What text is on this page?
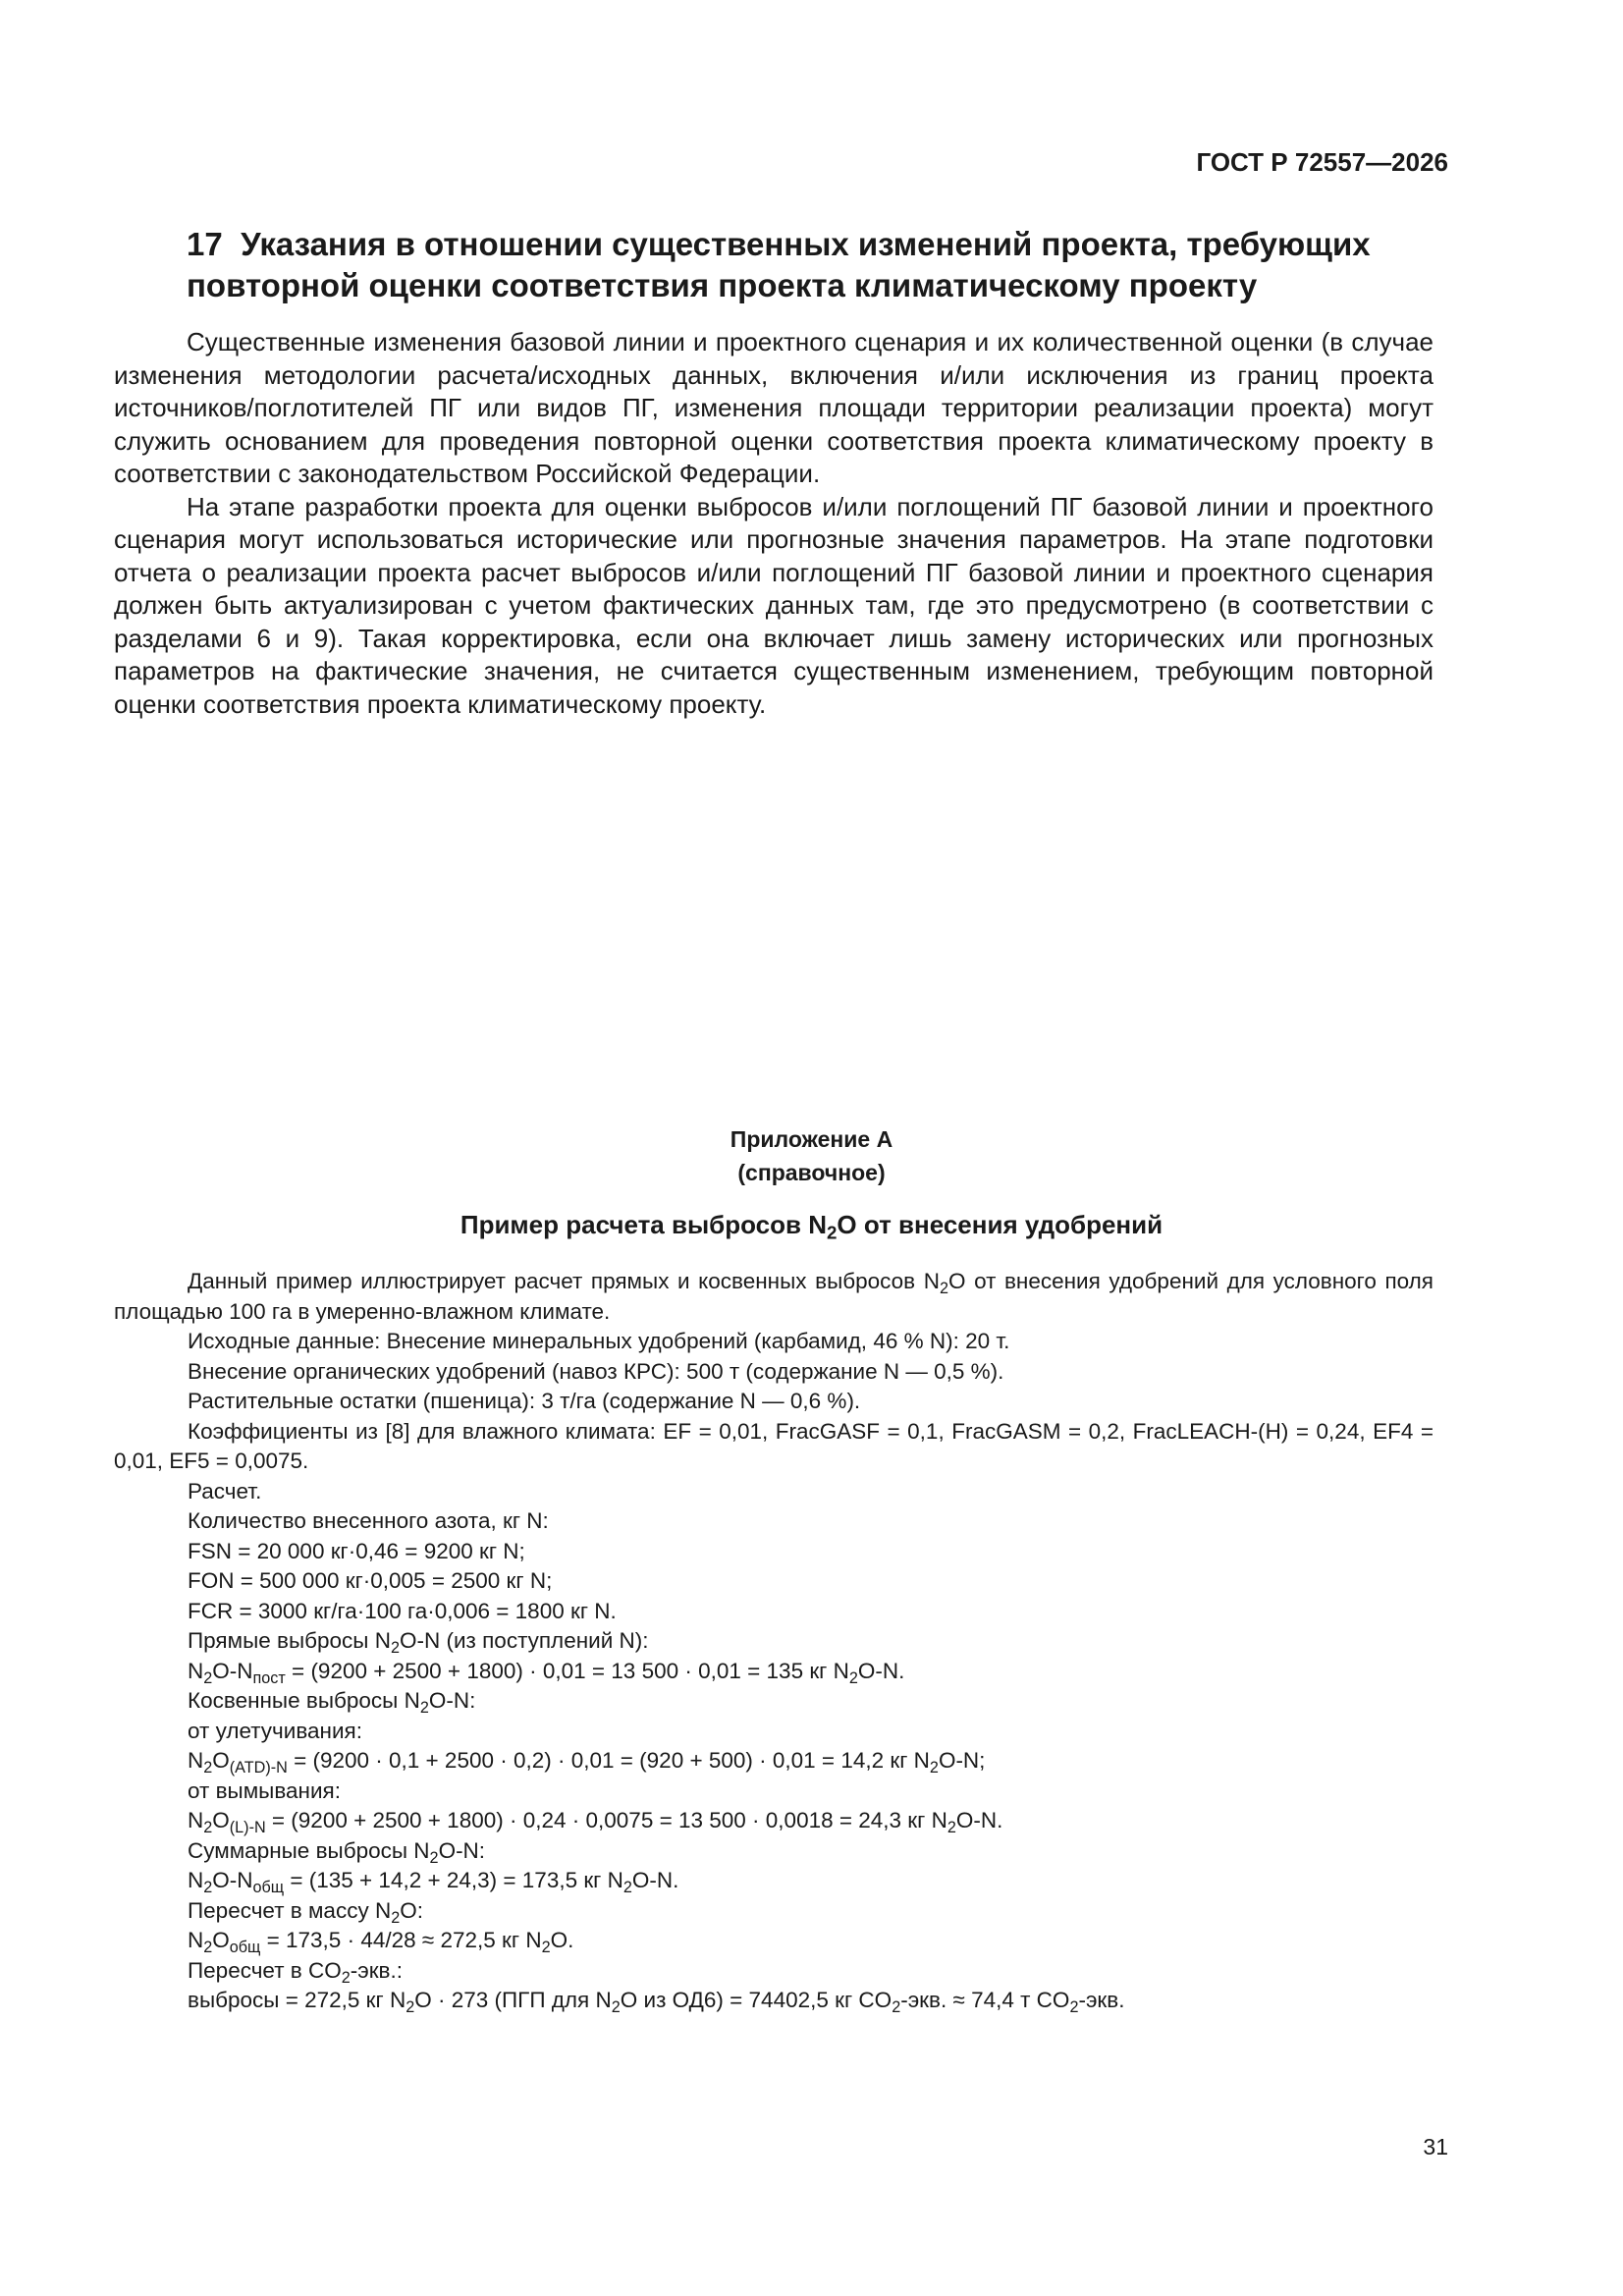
ГОСТ Р 72557—2026
17 Указания в отношении существенных изменений проекта, требующих повторной оценки соответствия проекта климатическому проекту

Существенные изменения базовой линии и проектного сценария и их количественной оценки (в случае изменения методологии расчета/исходных данных, включения и/или исключения из границ проекта источников/поглотителей ПГ или видов ПГ, изменения площади территории реализации проекта) могут служить основанием для проведения повторной оценки соответствия проекта климатическому проекту в соответствии с законодательством Российской Федерации.

На этапе разработки проекта для оценки выбросов и/или поглощений ПГ базовой линии и проектного сценария могут использоваться исторические или прогнозные значения параметров. На этапе подготовки отчета о реализации проекта расчет выбросов и/или поглощений ПГ базовой линии и проектного сценария должен быть актуализирован с учетом фактических данных там, где это предусмотрено (в соответствии с разделами 6 и 9). Такая корректировка, если она включает лишь замену исторических или прогнозных параметров на фактические значения, не считается существенным изменением, требующим повторной оценки соответствия проекта климатическому проекту.

Приложение А
(справочное)
Пример расчета выбросов $N_2O$ от внесения удобрений

Данный пример иллюстрирует расчет прямых и косвенных выбросов $N_2O$ от внесения удобрений для условного поля площадью 100 га в умеренно-влажном климате.

Исходные данные: Внесение минеральных удобрений (карбамид, 46 % N): 20 т.
Внесение органических удобрений (навоз КРС): 500 т (содержание N — 0,5 %).
Растительные остатки (пшеница): 3 т/га (содержание N — 0,6 %).

Коэффициенты из [8] для влажного климата: EF = 0,01, FracGASF = 0,1, FracGASM = 0,2, FracLEACH-(H) = 0,24, EF4 = 0,01, EF5 = 0,0075.

Расчет.
Количество внесенного азота, кг N:
FSN = 20 000 кг·0,46 = 9200 кг N;
FON = 500 000 кг·0,005 = 2500 кг N;
FCR = 3000 кг/га·100 га·0,006 = 1800 кг N.
Прямые выбросы $N_2O-N$ (из поступлений N):
$N_2O-N_{пост} = (9200 + 2500 + 1800) \cdot 0,01 = 13$ 500 · 0,01 = 135 кг $N_2O-N$.
Косвенные выбросы $N_2O-N$:
от улетучивания:
$N_2O_{(ATD)-N} = (9200 \cdot 0,1 + 2500 \cdot 0,2) \cdot 0,01 = (920 + 500) \cdot 0,01 = 14,2$ кг $N_2O-N$;
от вымывания:
$N_2O_{(L)-N} = (9200 + 2500 + 1800) \cdot 0,24 \cdot 0,0075 = 13$ 500 · 0,0018 = 24,3 кг $N_2O-N$.
Суммарные выбросы $N_2O-N$:
$N_2O-N_{общ} = (135 + 14,2 + 24,3) = 173,5$ кг $N_2O-N$.
Пересчет в массу $N_2O$:
$N_2O_{общ} = 173,5 \cdot 44/28 \approx 272,5$ кг $N_2O$.
Пересчет в $CO_2$-экв.:
выбросы = 272,5 кг $N_2O \cdot 273$ (ПГП для $N_2O$ из ОД6) = 74402,5 кг $CO_2$-экв. ≈ 74,4 т $CO_2$-экв.
31
